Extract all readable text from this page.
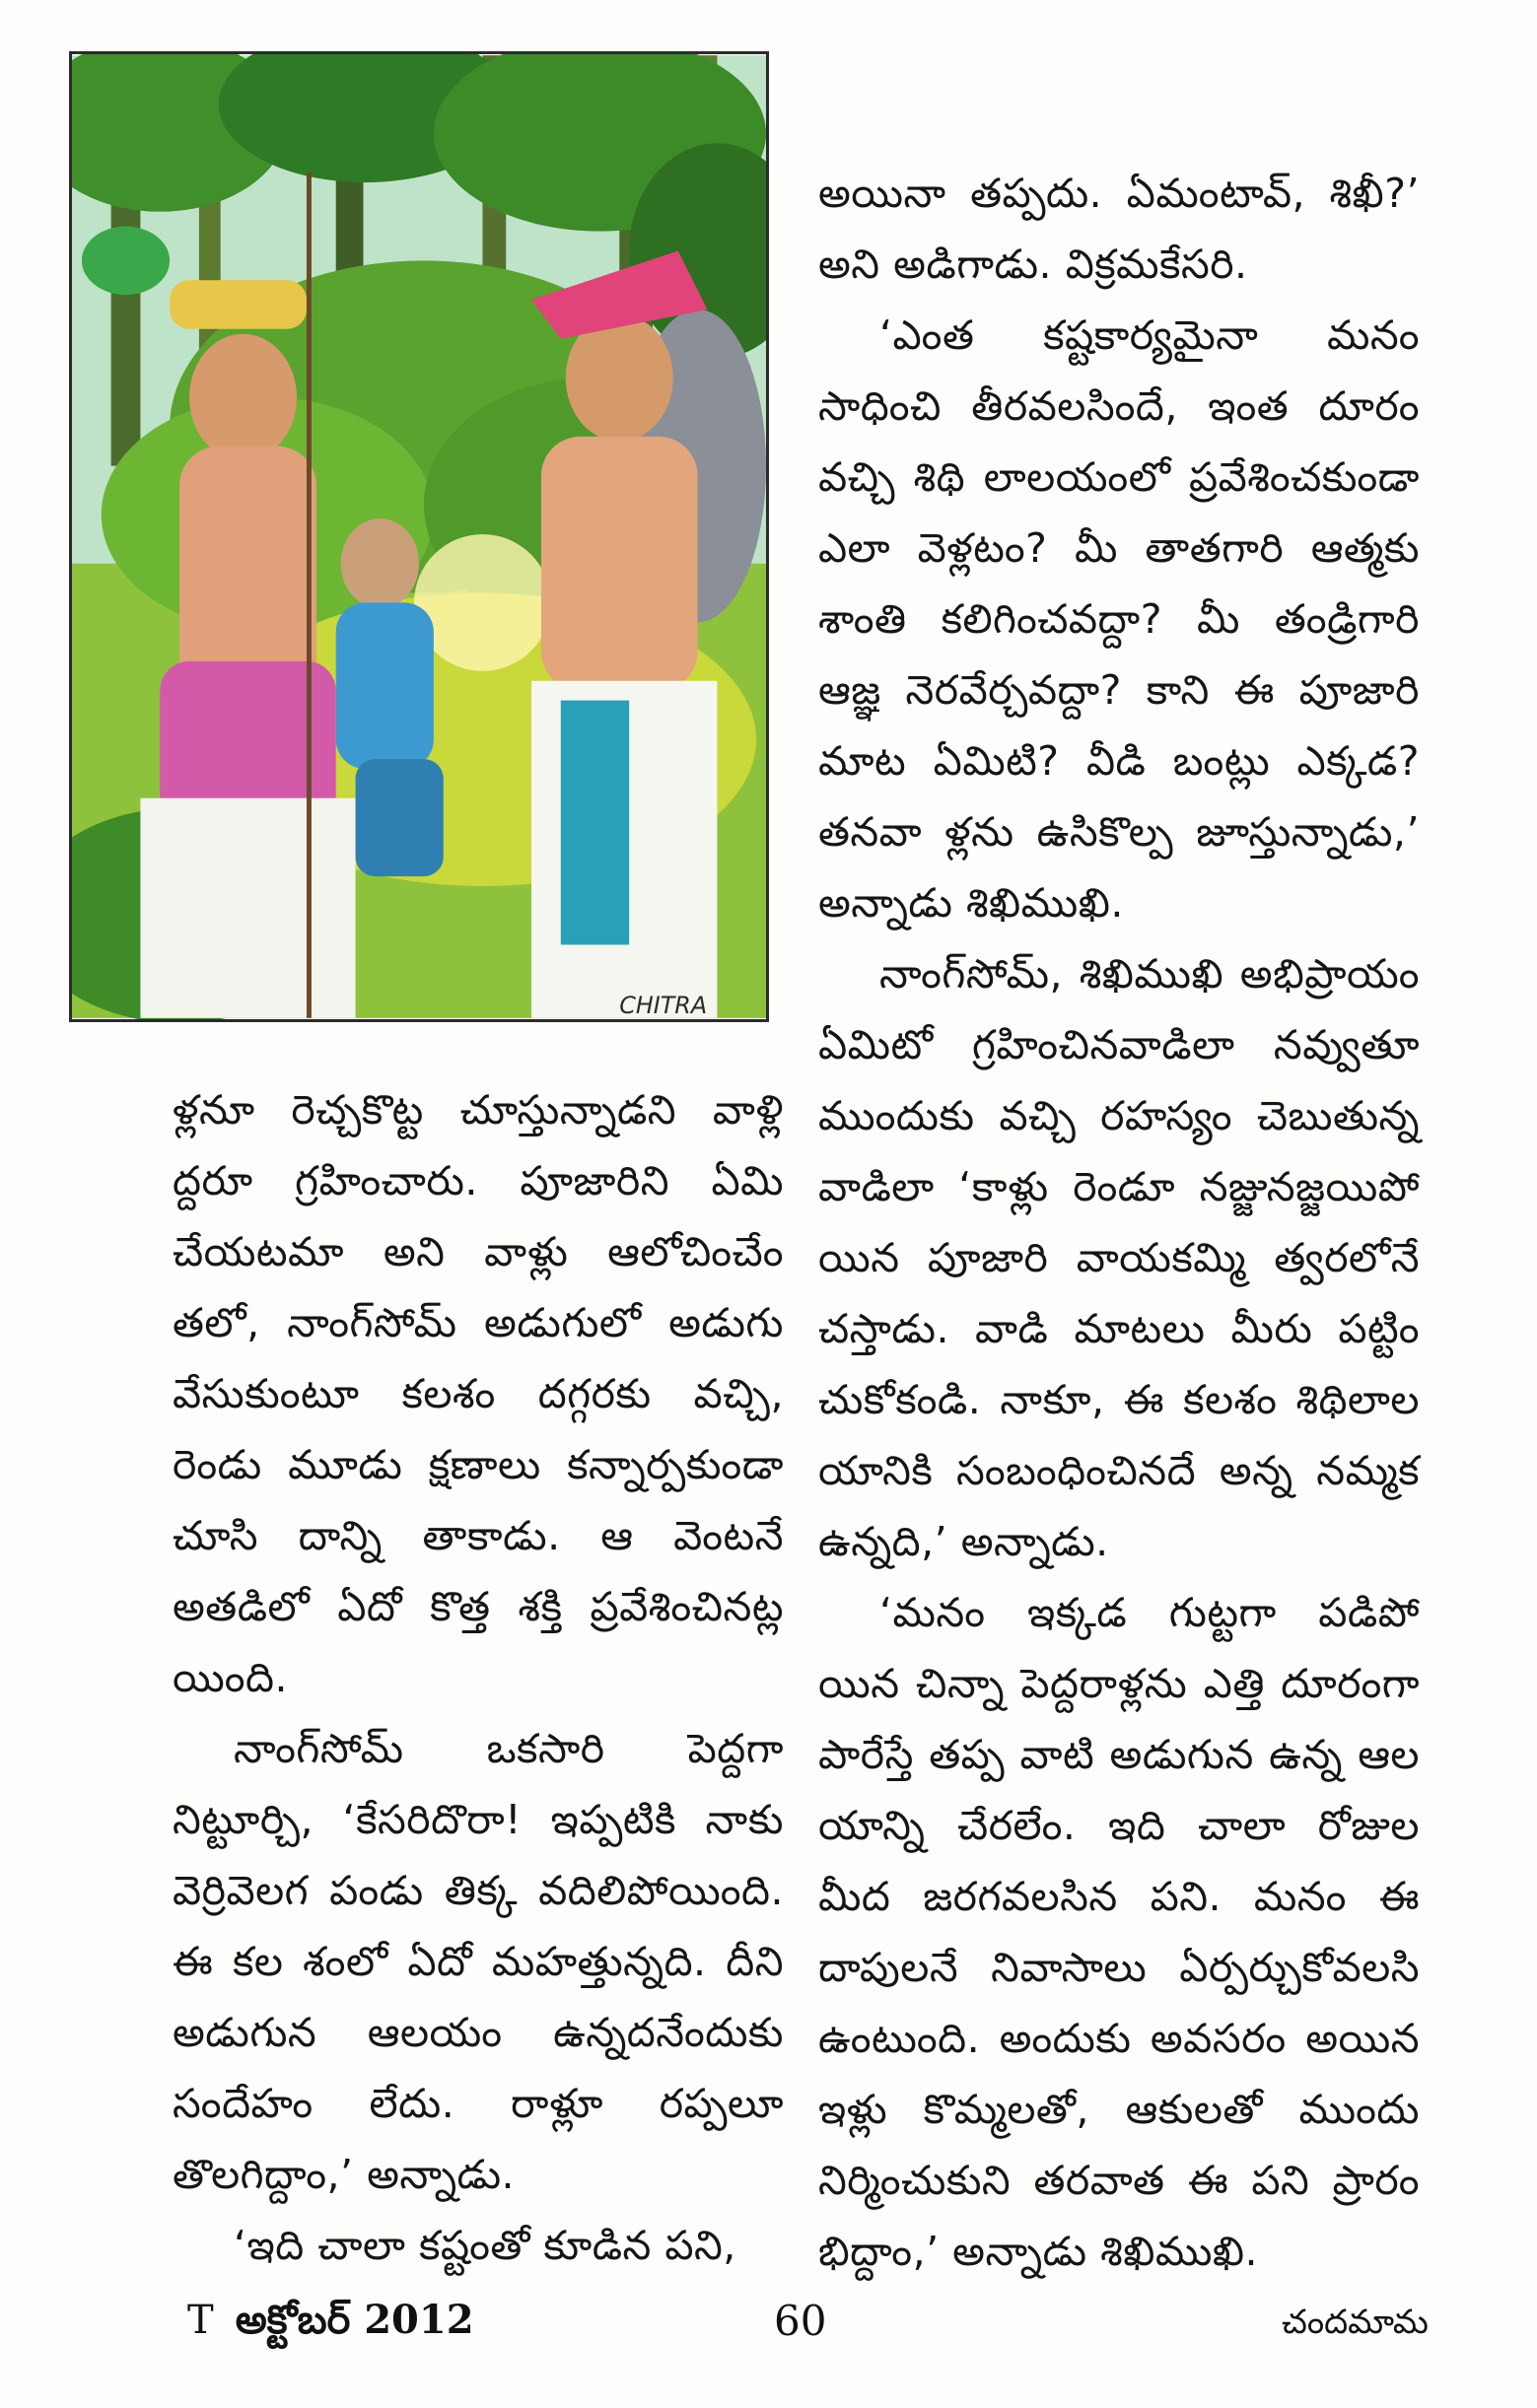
CHITRA

ళ్లనూ రెచ్చకొట్ట చూస్తున్నాడని వాళ్లి ద్దరూ గ్రహించారు. పూజారిని ఏమి చేయటమా అని వాళ్లు ఆలోచించేం తలో, నాంగ్‌సోమ్ అడుగులో అడుగు వేసుకుంటూ కలశం దగ్గరకు వచ్చి, రెండు మూడు క్షణాలు కన్నార్పకుండా చూసి దాన్ని తాకాడు. ఆ వెంటనే అతడిలో ఏదో కొత్త శక్తి ప్రవేశించినట్ల యింది.

నాంగ్‌సోమ్ ఒకసారి పెద్దగా నిట్టూర్చి, ‘కేసరిదొరా! ఇప్పటికి నాకు వెర్రివెలగ పండు తిక్క వదిలిపోయింది. ఈ కల శంలో ఏదో మహత్తున్నది. దీని అడుగున ఆలయం ఉన్నదనేందుకు సందేహం లేదు. రాళ్లూ రప్పలూ తొలగిద్దాం,’ అన్నాడు.

‘ఇది చాలా కష్టంతో కూడిన పని,

అయినా తప్పదు. ఏమంటావ్, శిఖీ?’ అని అడిగాడు. విక్రమకేసరి.

‘ఎంత కష్టకార్యమైనా మనం సాధించి తీరవలసిందే, ఇంత దూరం వచ్చి శిథి లాలయంలో ప్రవేశించకుండా ఎలా వెళ్లటం? మీ తాతగారి ఆత్మకు శాంతి కలిగించవద్దా? మీ తండ్రిగారి ఆజ్ఞ నెరవేర్చవద్దా? కాని ఈ పూజారి మాట ఏమిటి? వీడి బంట్లు ఎక్కడ? తనవా ళ్లను ఉసికొల్ప జూస్తున్నాడు,’ అన్నాడు శిఖిముఖి.

నాంగ్‌సోమ్, శిఖిముఖి అభిప్రాయం ఏమిటో గ్రహించినవాడిలా నవ్వుతూ ముందుకు వచ్చి రహస్యం చెబుతున్న వాడిలా ‘కాళ్లు రెండూ నజ్జునజ్జయిపో యిన పూజారి వాయకమ్మి త్వరలోనే చస్తాడు. వాడి మాటలు మీరు పట్టిం చుకోకండి. నాకూ, ఈ కలశం శిథిలాల యానికి సంబంధించినదే అన్న నమ్మక ఉన్నది,’ అన్నాడు.

‘మనం ఇక్కడ గుట్టగా పడిపో యిన చిన్నా పెద్దరాళ్లను ఎత్తి దూరంగా పారేస్తే తప్ప వాటి అడుగున ఉన్న ఆల యాన్ని చేరలేం. ఇది చాలా రోజుల మీద జరగవలసిన పని. మనం ఈ దాపులనే నివాసాలు ఏర్పర్చుకోవలసి ఉంటుంది. అందుకు అవసరం అయిన ఇళ్లు కొమ్మలతో, ఆకులతో ముందు నిర్మించుకుని తరవాత ఈ పని ప్రారం భిద్దాం,’ అన్నాడు శిఖిముఖి.

T అక్టోబర్ 2012	60	చందమామ
